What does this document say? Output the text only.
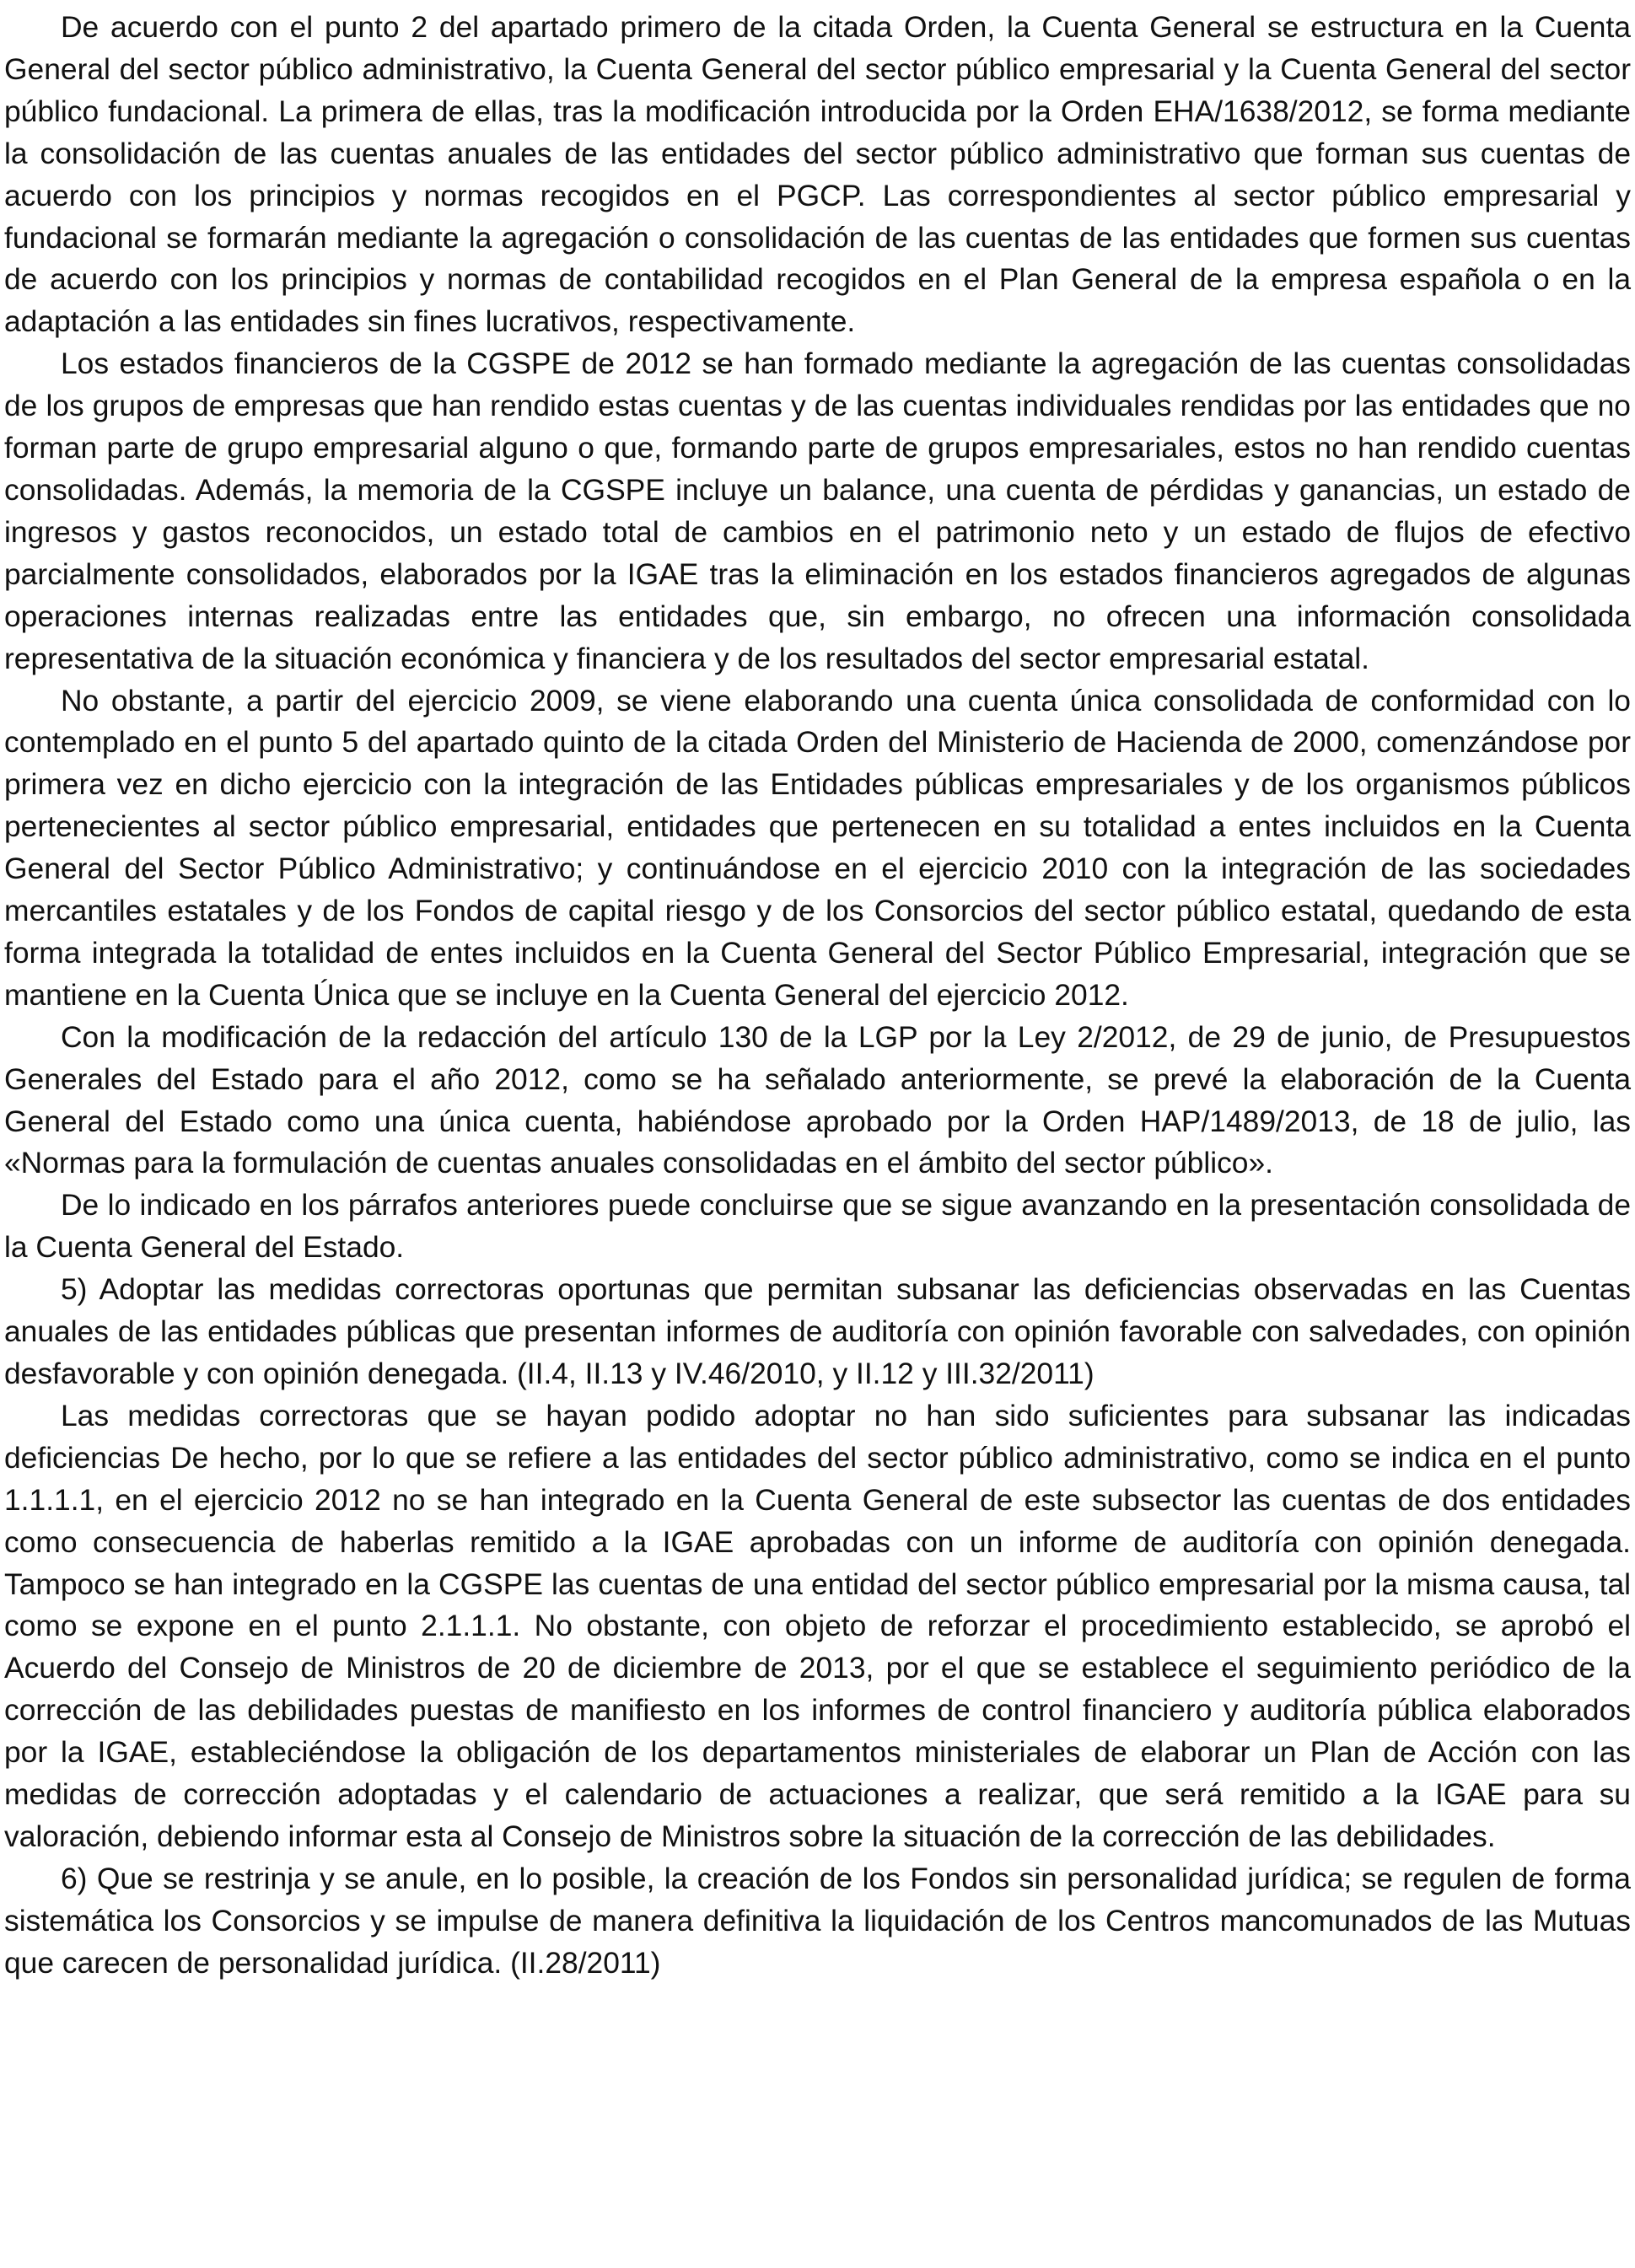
De acuerdo con el punto 2 del apartado primero de la citada Orden, la Cuenta General se estructura en la Cuenta General del sector público administrativo, la Cuenta General del sector público empresarial y la Cuenta General del sector público fundacional. La primera de ellas, tras la modificación introducida por la Orden EHA/1638/2012, se forma mediante la consolidación de las cuentas anuales de las entidades del sector público administrativo que forman sus cuentas de acuerdo con los principios y normas recogidos en el PGCP. Las correspondientes al sector público empresarial y fundacional se formarán mediante la agregación o consolidación de las cuentas de las entidades que formen sus cuentas de acuerdo con los principios y normas de contabilidad recogidos en el Plan General de la empresa española o en la adaptación a las entidades sin fines lucrativos, respectivamente.

Los estados financieros de la CGSPE de 2012 se han formado mediante la agregación de las cuentas consolidadas de los grupos de empresas que han rendido estas cuentas y de las cuentas individuales rendidas por las entidades que no forman parte de grupo empresarial alguno o que, formando parte de grupos empresariales, estos no han rendido cuentas consolidadas. Además, la memoria de la CGSPE incluye un balance, una cuenta de pérdidas y ganancias, un estado de ingresos y gastos reconocidos, un estado total de cambios en el patrimonio neto y un estado de flujos de efectivo parcialmente consolidados, elaborados por la IGAE tras la eliminación en los estados financieros agregados de algunas operaciones internas realizadas entre las entidades que, sin embargo, no ofrecen una información consolidada representativa de la situación económica y financiera y de los resultados del sector empresarial estatal.

No obstante, a partir del ejercicio 2009, se viene elaborando una cuenta única consolidada de conformidad con lo contemplado en el punto 5 del apartado quinto de la citada Orden del Ministerio de Hacienda de 2000, comenzándose por primera vez en dicho ejercicio con la integración de las Entidades públicas empresariales y de los organismos públicos pertenecientes al sector público empresarial, entidades que pertenecen en su totalidad a entes incluidos en la Cuenta General del Sector Público Administrativo; y continuándose en el ejercicio 2010 con la integración de las sociedades mercantiles estatales y de los Fondos de capital riesgo y de los Consorcios del sector público estatal, quedando de esta forma integrada la totalidad de entes incluidos en la Cuenta General del Sector Público Empresarial, integración que se mantiene en la Cuenta Única que se incluye en la Cuenta General del ejercicio 2012.

Con la modificación de la redacción del artículo 130 de la LGP por la Ley 2/2012, de 29 de junio, de Presupuestos Generales del Estado para el año 2012, como se ha señalado anteriormente, se prevé la elaboración de la Cuenta General del Estado como una única cuenta, habiéndose aprobado por la Orden HAP/1489/2013, de 18 de julio, las «Normas para la formulación de cuentas anuales consolidadas en el ámbito del sector público».

De lo indicado en los párrafos anteriores puede concluirse que se sigue avanzando en la presentación consolidada de la Cuenta General del Estado.

5) Adoptar las medidas correctoras oportunas que permitan subsanar las deficiencias observadas en las Cuentas anuales de las entidades públicas que presentan informes de auditoría con opinión favorable con salvedades, con opinión desfavorable y con opinión denegada. (II.4, II.13 y IV.46/2010, y II.12 y III.32/2011)

Las medidas correctoras que se hayan podido adoptar no han sido suficientes para subsanar las indicadas deficiencias De hecho, por lo que se refiere a las entidades del sector público administrativo, como se indica en el punto 1.1.1.1, en el ejercicio 2012 no se han integrado en la Cuenta General de este subsector las cuentas de dos entidades como consecuencia de haberlas remitido a la IGAE aprobadas con un informe de auditoría con opinión denegada. Tampoco se han integrado en la CGSPE las cuentas de una entidad del sector público empresarial por la misma causa, tal como se expone en el punto 2.1.1.1. No obstante, con objeto de reforzar el procedimiento establecido, se aprobó el Acuerdo del Consejo de Ministros de 20 de diciembre de 2013, por el que se establece el seguimiento periódico de la corrección de las debilidades puestas de manifiesto en los informes de control financiero y auditoría pública elaborados por la IGAE, estableciéndose la obligación de los departamentos ministeriales de elaborar un Plan de Acción con las medidas de corrección adoptadas y el calendario de actuaciones a realizar, que será remitido a la IGAE para su valoración, debiendo informar esta al Consejo de Ministros sobre la situación de la corrección de las debilidades.

6) Que se restrinja y se anule, en lo posible, la creación de los Fondos sin personalidad jurídica; se regulen de forma sistemática los Consorcios y se impulse de manera definitiva la liquidación de los Centros mancomunados de las Mutuas que carecen de personalidad jurídica. (II.28/2011)
